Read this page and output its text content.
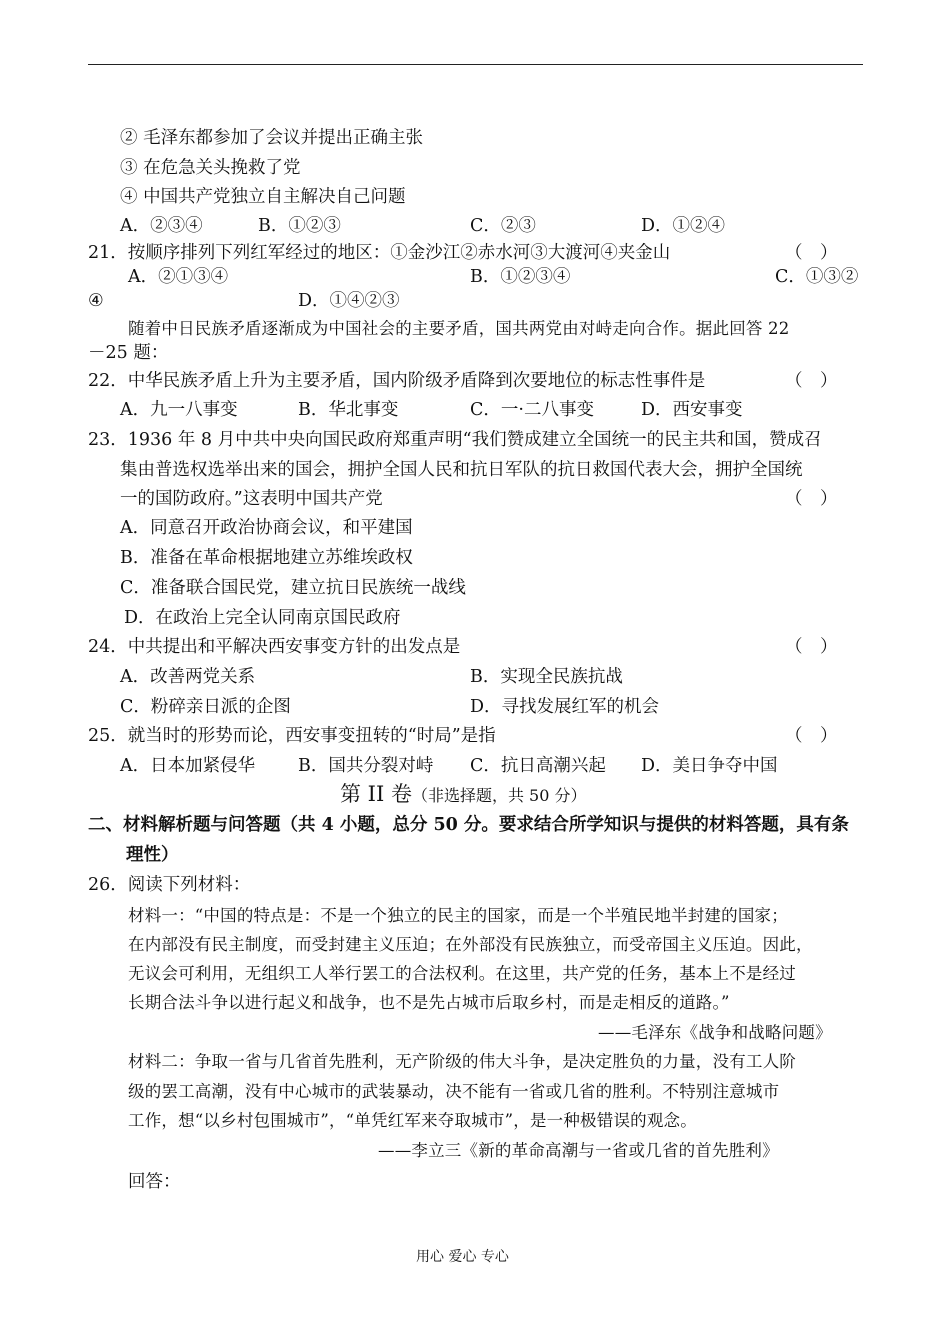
② 毛泽东都参加了会议并提出正确主张
③ 在危急关头挽救了党
④ 中国共产党独立自主解决自己问题
A．②③④	B．①②③	C．②③	D．①②④
21．按顺序排列下列红军经过的地区：①金沙江②赤水河③大渡河④夹金山	（　）
A．②①③④	B．①②③④	C．①③②
④	D．①④②③
随着中日民族矛盾逐渐成为中国社会的主要矛盾，国共两党由对峙走向合作。据此回答 22
－25 题：
22．中华民族矛盾上升为主要矛盾，国内阶级矛盾降到次要地位的标志性事件是	（　）
A．九一八事变	B．华北事变	C．一·二八事变	D．西安事变
23．1936 年 8 月中共中央向国民政府郑重声明“我们赞成建立全国统一的民主共和国，赞成召
集由普选权选举出来的国会，拥护全国人民和抗日军队的抗日救国代表大会，拥护全国统
一的国防政府。”这表明中国共产党	（　）
A．同意召开政治协商会议，和平建国
B．准备在革命根据地建立苏维埃政权
C．准备联合国民党，建立抗日民族统一战线
D．在政治上完全认同南京国民政府
24．中共提出和平解决西安事变方针的出发点是	（　）
A．改善两党关系	B．实现全民族抗战
C．粉碎亲日派的企图	D．寻找发展红军的机会
25．就当时的形势而论，西安事变扭转的“时局”是指	（　）
A．日本加紧侵华 B．国共分裂对峙 C．抗日高潮兴起 D．美日争夺中国
第 II 卷（非选择题，共 50 分）
二、材料解析题与问答题（共 4 小题，总分 50 分。要求结合所学知识与提供的材料答题，具有条
理性）
26．阅读下列材料：
材料一：“中国的特点是：不是一个独立的民主的国家，而是一个半殖民地半封建的国家；
在内部没有民主制度，而受封建主义压迫；在外部没有民族独立，而受帝国主义压迫。因此，
无议会可利用，无组织工人举行罢工的合法权利。在这里，共产党的任务，基本上不是经过
长期合法斗争以进行起义和战争，也不是先占城市后取乡村，而是走相反的道路。”
——毛泽东《战争和战略问题》
材料二：争取一省与几省首先胜利，无产阶级的伟大斗争，是决定胜负的力量，没有工人阶
级的罢工高潮，没有中心城市的武装暴动，决不能有一省或几省的胜利。不特别注意城市
工作，想“以乡村包围城市”，“单凭红军来夺取城市”，是一种极错误的观念。
——李立三《新的革命高潮与一省或几省的首先胜利》
回答：
用心 爱心 专心
